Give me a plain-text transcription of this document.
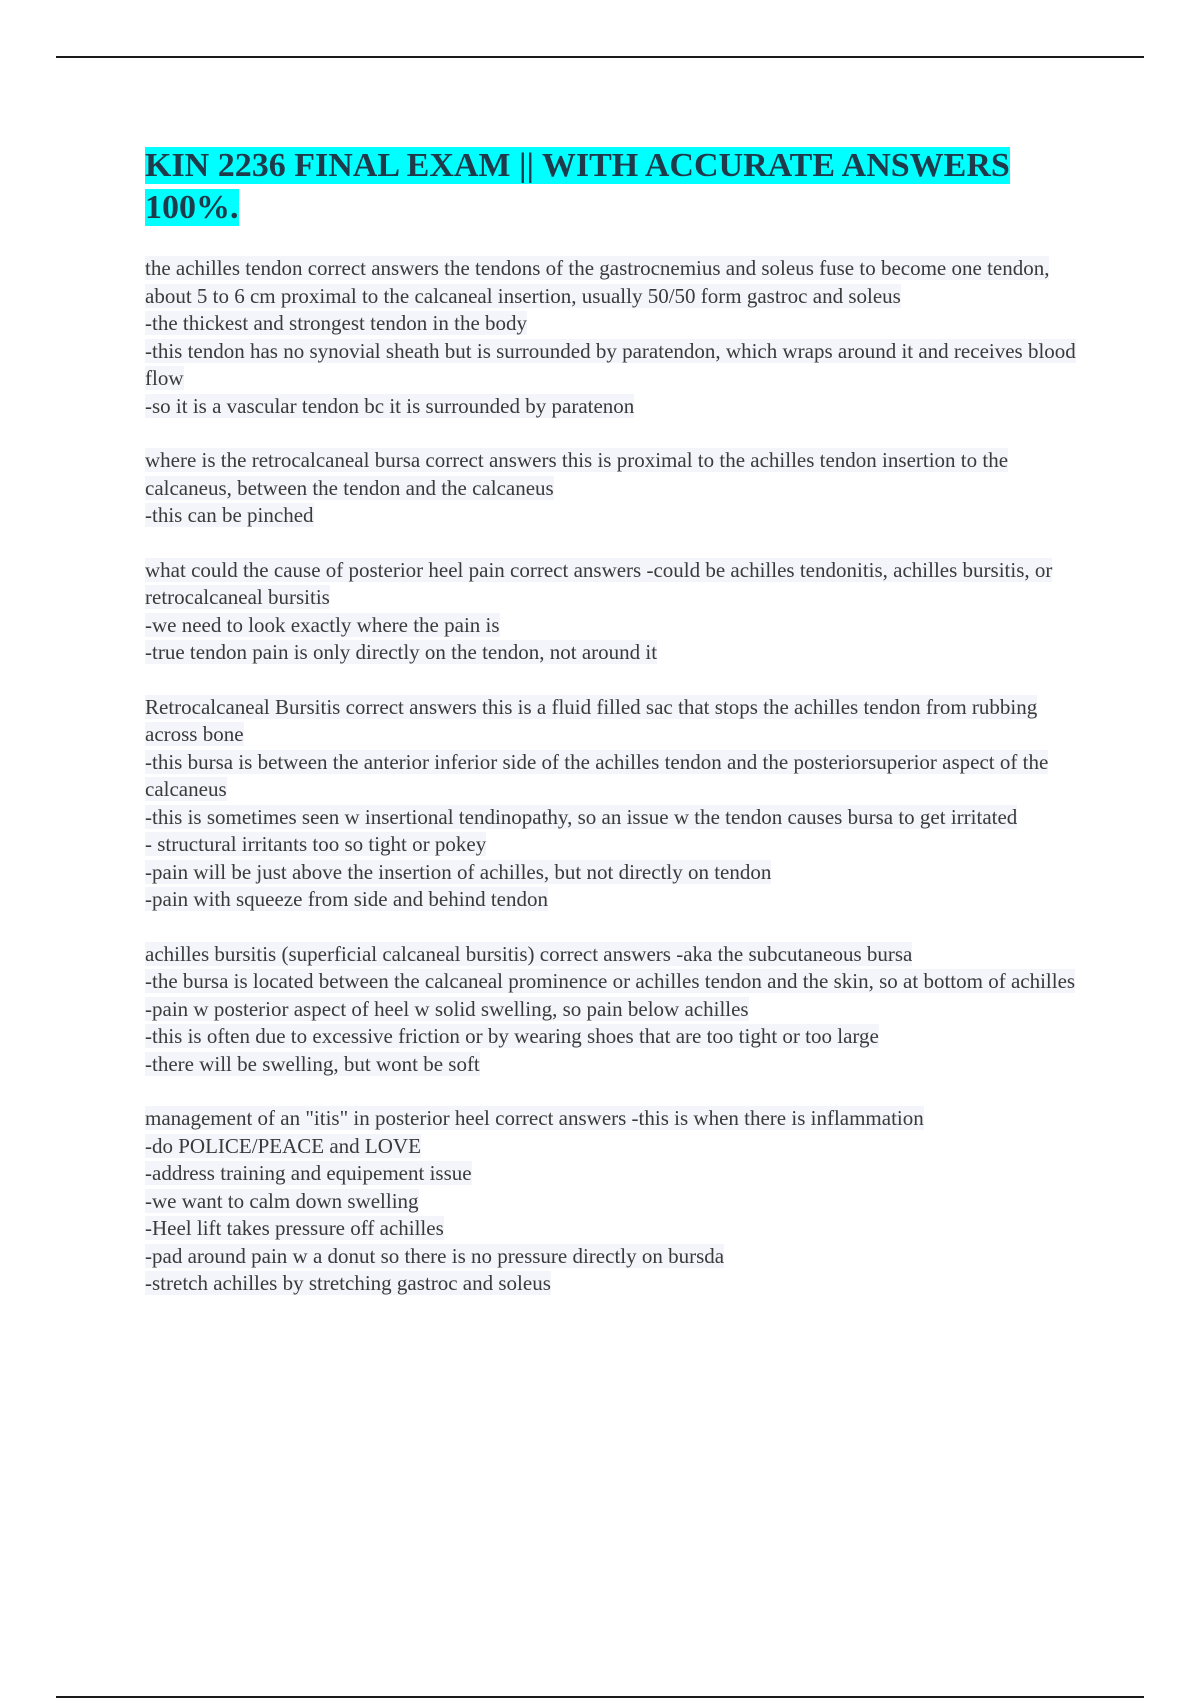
KIN 2236 FINAL EXAM || WITH ACCURATE ANSWERS 100%.
the achilles tendon correct answers the tendons of the gastrocnemius and soleus fuse to become one tendon, about 5 to 6 cm proximal to the calcaneal insertion, usually 50/50 form gastroc and soleus
-the thickest and strongest tendon in the body
-this tendon has no synovial sheath but is surrounded by paratendon, which wraps around it and receives blood flow
-so it is a vascular tendon bc it is surrounded by paratenon
where is the retrocalcaneal bursa correct answers this is proximal to the achilles tendon insertion to the calcaneus, between the tendon and the calcaneus
-this can be pinched
what could the cause of posterior heel pain correct answers -could be achilles tendonitis, achilles bursitis, or retrocalcaneal bursitis
-we need to look exactly where the pain is
-true tendon pain is only directly on the tendon, not around it
Retrocalcaneal Bursitis correct answers this is a fluid filled sac that stops the achilles tendon from rubbing across bone
-this bursa is between the anterior inferior side of the achilles tendon and the posteriorsuperior aspect of the calcaneus
-this is sometimes seen w insertional tendinopathy, so an issue w the tendon causes bursa to get irritated
- structural irritants too so tight or pokey
-pain will be just above the insertion of achilles, but not directly on tendon
-pain with squeeze from side and behind tendon
achilles bursitis (superficial calcaneal bursitis) correct answers -aka the subcutaneous bursa
-the bursa is located between the calcaneal prominence or achilles tendon and the skin, so at bottom of achilles
-pain w posterior aspect of heel w solid swelling, so pain below achilles
-this is often due to excessive friction or by wearing shoes that are too tight or too large
-there will be swelling, but wont be soft
management of an "itis" in posterior heel correct answers -this is when there is inflammation
-do POLICE/PEACE and LOVE
-address training and equipement issue
-we want to calm down swelling
-Heel lift takes pressure off achilles
-pad around pain w a donut so there is no pressure directly on bursda
-stretch achilles by stretching gastroc and soleus
